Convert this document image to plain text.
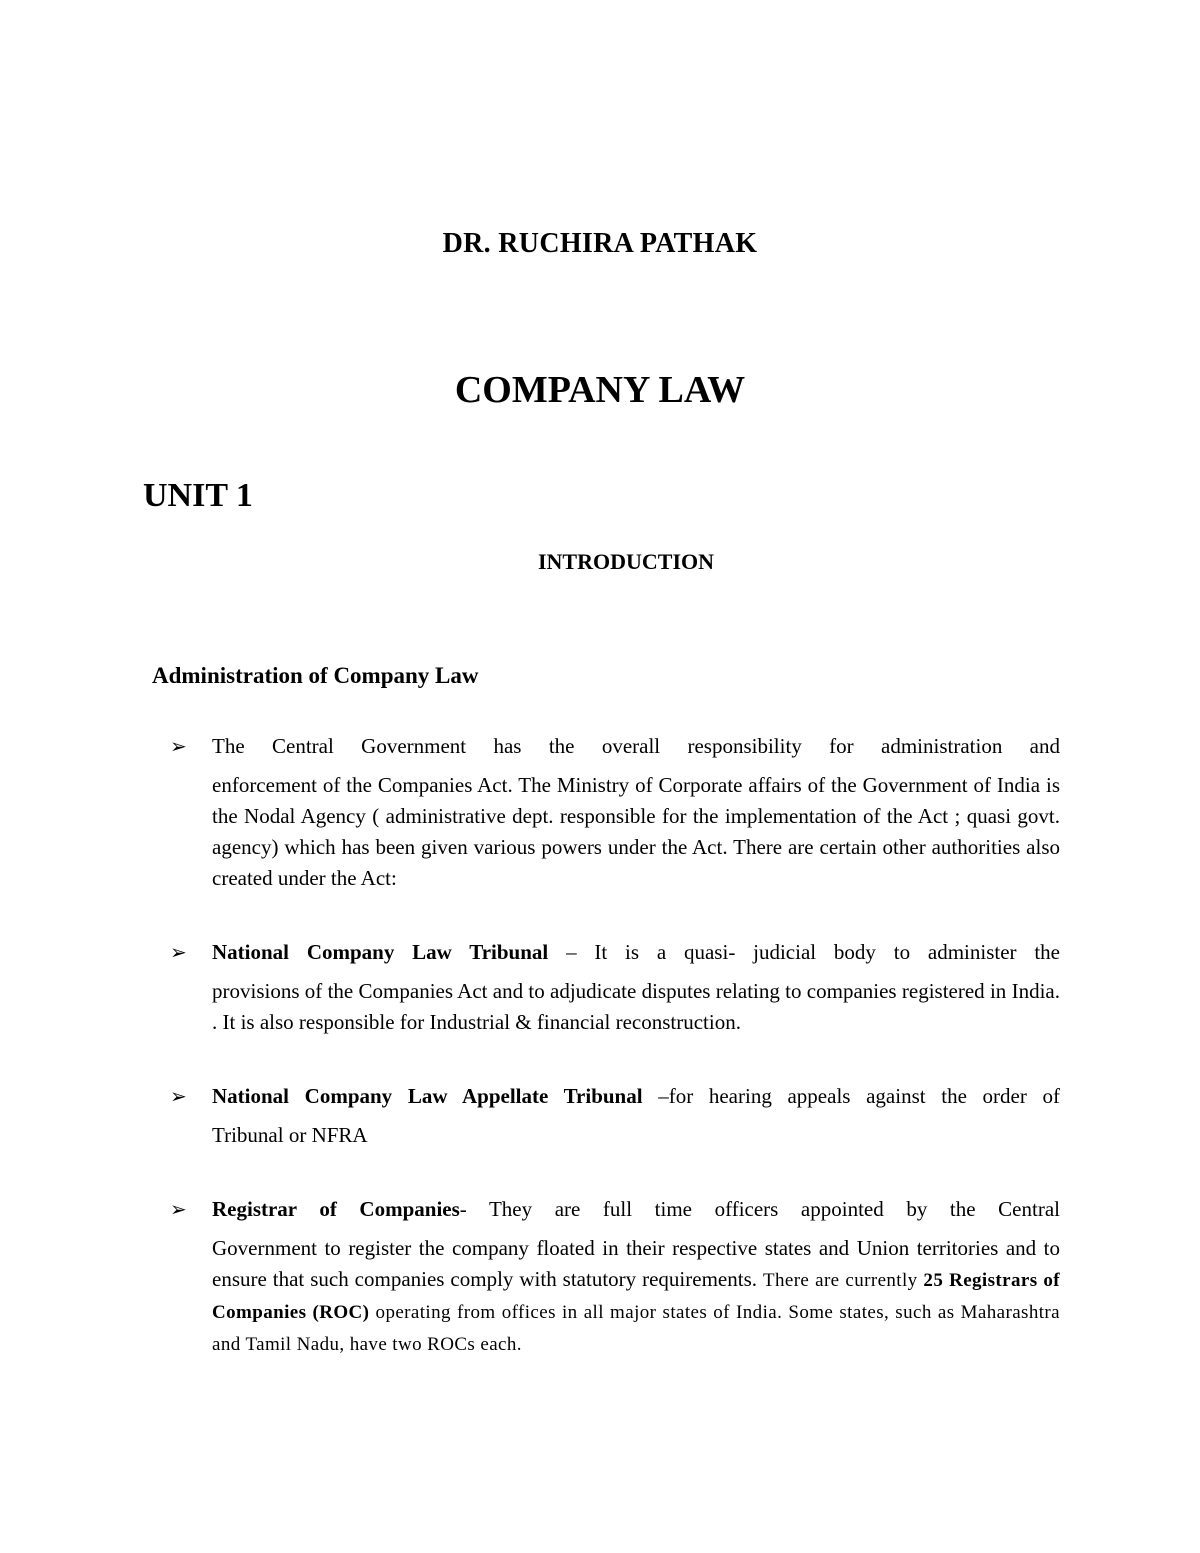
DR. RUCHIRA PATHAK
COMPANY LAW
UNIT 1
INTRODUCTION
Administration of Company Law
➢ The Central Government has the overall responsibility for administration and
enforcement of the Companies Act. The Ministry of Corporate affairs of the Government of India is the Nodal Agency ( administrative dept. responsible for the implementation of the Act ; quasi govt. agency) which has been given various powers under the Act. There are certain other authorities also created under the Act:
➢ National Company Law Tribunal – It is a quasi- judicial body to administer the
provisions of the Companies Act and to adjudicate disputes relating to companies registered in India. . It is also responsible for Industrial & financial reconstruction.
➢ National Company Law Appellate Tribunal –for hearing appeals against the order of
Tribunal or NFRA
➢ Registrar of Companies- They are full time officers appointed by the Central
Government to register the company floated in their respective states and Union territories and to ensure that such companies comply with statutory requirements. There are currently 25 Registrars of Companies (ROC) operating from offices in all major states of India. Some states, such as Maharashtra and Tamil Nadu, have two ROCs each.
